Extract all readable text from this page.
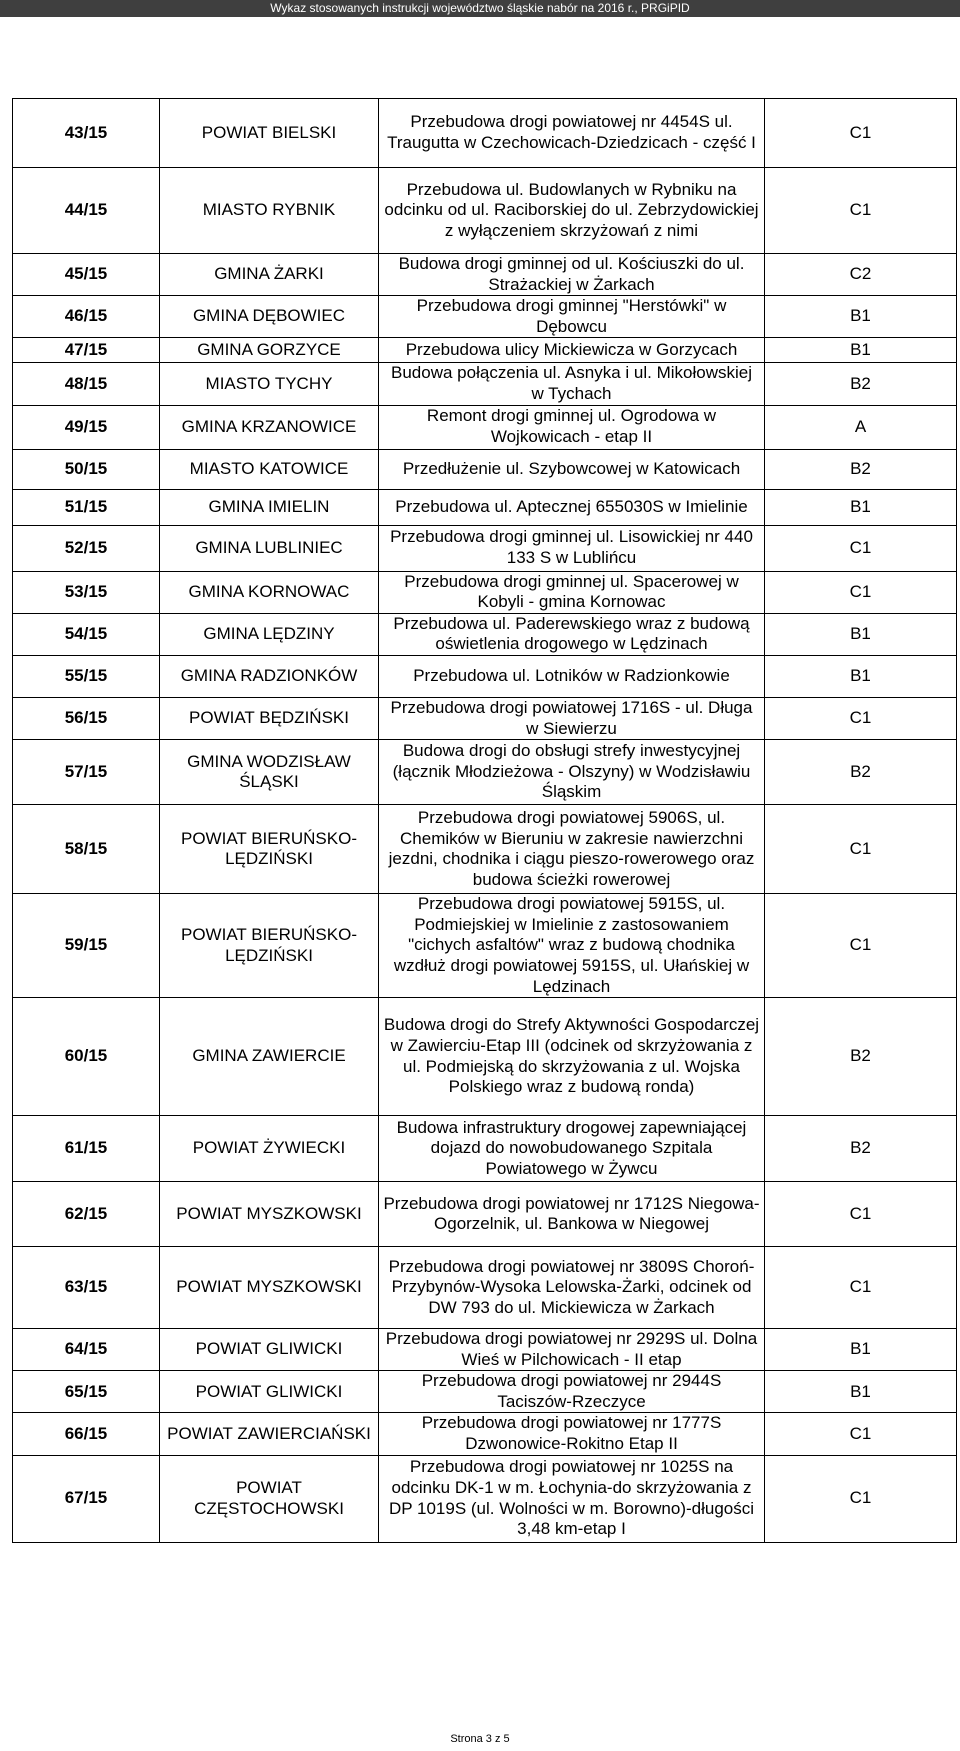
Wykaz stosowanych instrukcji województwo śląskie nabór na 2016 r., PRGiPID
43/15	POWIAT BIELSKI	Przebudowa drogi powiatowej nr 4454S ul. Traugutta w Czechowicach-Dziedzicach - część I	C1
44/15	MIASTO RYBNIK	Przebudowa ul. Budowlanych w Rybniku na odcinku od ul. Raciborskiej do ul. Zebrzydowickiej z wyłączeniem skrzyżowań z nimi	C1
45/15	GMINA ŻARKI	Budowa drogi gminnej od ul. Kościuszki do ul. Strażackiej w Żarkach	C2
46/15	GMINA DĘBOWIEC	Przebudowa drogi gminnej "Herstówki" w Dębowcu	B1
47/15	GMINA GORZYCE	Przebudowa ulicy Mickiewicza w Gorzycach	B1
48/15	MIASTO TYCHY	Budowa połączenia ul. Asnyka i ul. Mikołowskiej w Tychach	B2
49/15	GMINA KRZANOWICE	Remont drogi gminnej ul. Ogrodowa w Wojkowicach - etap II	A
50/15	MIASTO KATOWICE	Przedłużenie ul. Szybowcowej w Katowicach	B2
51/15	GMINA IMIELIN	Przebudowa ul. Aptecznej 655030S w Imielinie	B1
52/15	GMINA LUBLINIEC	Przebudowa drogi gminnej ul. Lisowickiej nr 440 133 S w Lublińcu	C1
53/15	GMINA KORNOWAC	Przebudowa drogi gminnej ul. Spacerowej w Kobyli - gmina Kornowac	C1
54/15	GMINA LĘDZINY	Przebudowa ul. Paderewskiego wraz z budową oświetlenia drogowego w Lędzinach	B1
55/15	GMINA RADZIONKÓW	Przebudowa ul. Lotników w Radzionkowie	B1
56/15	POWIAT BĘDZIŃSKI	Przebudowa drogi powiatowej 1716S - ul. Długa w Siewierzu	C1
57/15	GMINA WODZISŁAW ŚLĄSKI	Budowa drogi do obsługi strefy inwestycyjnej (łącznik Młodzieżowa - Olszyny) w Wodzisławiu Śląskim	B2
58/15	POWIAT BIERUŃSKO-LĘDZIŃSKI	Przebudowa drogi powiatowej 5906S, ul. Chemików w Bieruniu w zakresie nawierzchni jezdni, chodnika i ciągu pieszo-rowerowego oraz budowa ścieżki rowerowej	C1
59/15	POWIAT BIERUŃSKO-LĘDZIŃSKI	Przebudowa drogi powiatowej 5915S, ul. Podmiejskiej w Imielinie z zastosowaniem "cichych asfaltów" wraz z budową chodnika wzdłuż drogi powiatowej 5915S, ul. Ułańskiej w Lędzinach	C1
60/15	GMINA ZAWIERCIE	Budowa drogi do Strefy Aktywności Gospodarczej w Zawierciu-Etap III (odcinek od skrzyżowania z ul. Podmiejską do skrzyżowania z ul. Wojska Polskiego wraz z budową ronda)	B2
61/15	POWIAT ŻYWIECKI	Budowa infrastruktury drogowej zapewniającej dojazd do nowobudowanego Szpitala Powiatowego w Żywcu	B2
62/15	POWIAT MYSZKOWSKI	Przebudowa drogi powiatowej nr 1712S Niegowa-Ogorzelnik, ul. Bankowa w Niegowej	C1
63/15	POWIAT MYSZKOWSKI	Przebudowa drogi powiatowej nr 3809S Choroń-Przybynów-Wysoka Lelowska-Żarki, odcinek od DW 793 do ul. Mickiewicza w Żarkach	C1
64/15	POWIAT GLIWICKI	Przebudowa drogi powiatowej nr 2929S ul. Dolna Wieś w Pilchowicach - II etap	B1
65/15	POWIAT GLIWICKI	Przebudowa drogi powiatowej nr 2944S Taciszów-Rzeczyce	B1
66/15	POWIAT ZAWIERCIAŃSKI	Przebudowa drogi powiatowej nr 1777S Dzwonowice-Rokitno Etap II	C1
67/15	POWIAT CZĘSTOCHOWSKI	Przebudowa drogi powiatowej nr 1025S na odcinku DK-1 w m. Łochynia-do skrzyżowania z DP 1019S (ul. Wolności w m. Borowno)-długości 3,48 km-etap I	C1
Strona 3 z 5
